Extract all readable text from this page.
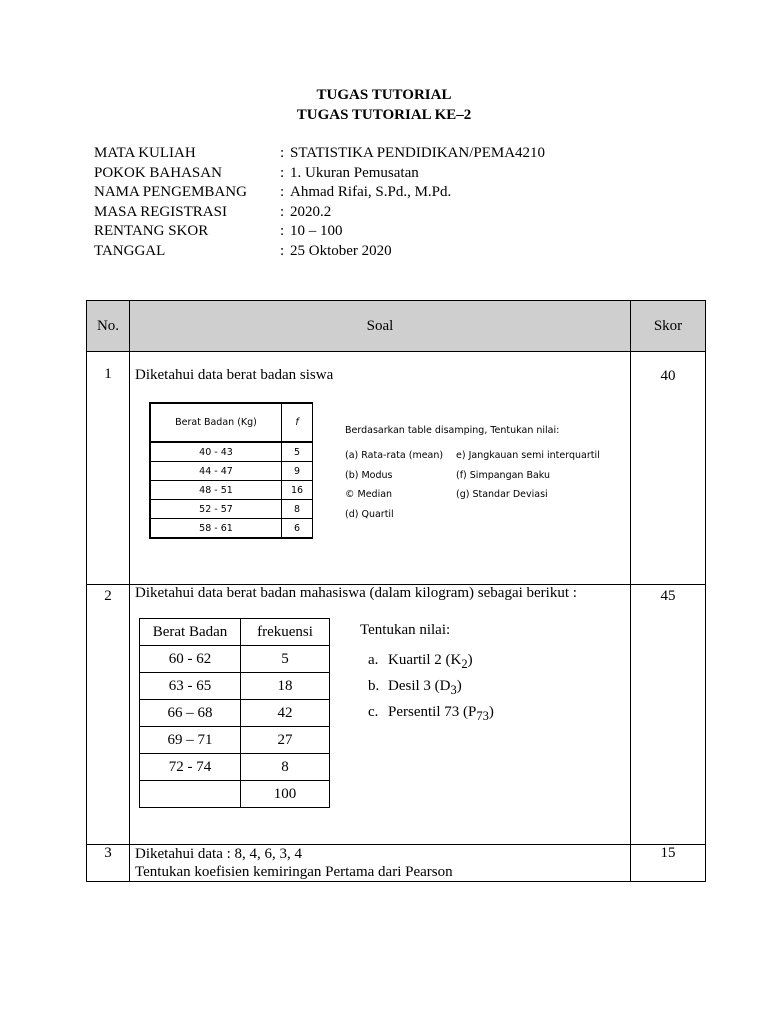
TUGAS TUTORIAL
TUGAS TUTORIAL KE–2
MATA KULIAH	: STATISTIKA PENDIDIKAN/PEMA4210
POKOK BAHASAN	: 1. Ukuran Pemusatan
NAMA PENGEMBANG	: Ahmad Rifai, S.Pd., M.Pd.
MASA REGISTRASI	: 2020.2
RENTANG SKOR	: 10 – 100
TANGGAL	: 25 Oktober 2020
No.	Soal	Skor
1	Diketahui data berat badan siswa
Berat Badan (Kg)	f
40 - 43	5
44 - 47	9
48 - 51	16
52 - 57	8
58 - 61	6
Berdasarkan table disamping, Tentukan nilai:
(a) Rata-rata (mean)
(b) Modus
© Median
(d) Quartil
e) Jangkauan semi interquartil
(f) Simpangan Baku
(g) Standar Deviasi
	40
2	Diketahui data berat badan mahasiswa (dalam kilogram) sebagai berikut :
Berat Badan	frekuensi
60 - 62	5
63 - 65	18
66 – 68	42
69 – 71	27
72 - 74	8
	100
Tentukan nilai:
a. Kuartil 2 $(K_2)$
b. Desil 3 $(D_3)$
c. Persentil 73 $(P_{73})$
	45
3	Diketahui data : 8, 4, 6, 3, 4
Tentukan koefisien kemiringan Pertama dari Pearson
	15
